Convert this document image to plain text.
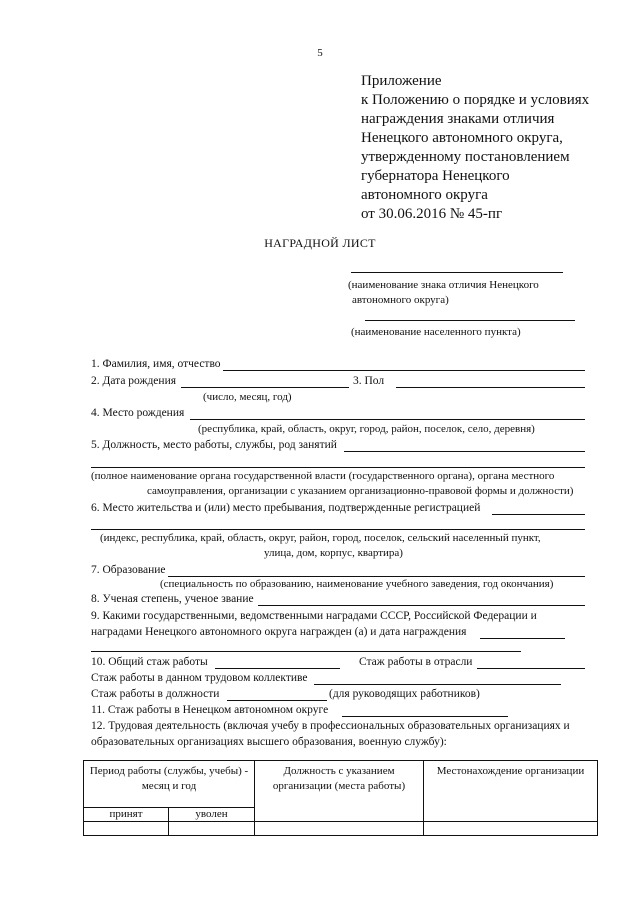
5
Приложение
к Положению о порядке и условиях
награждения знаками отличия
Ненецкого автономного округа,
утвержденному постановлением
губернатора Ненецкого
автономного округа
от 30.06.2016 № 45-пг
НАГРАДНОЙ ЛИСТ
(наименование знака отличия Ненецкого
автономного округа)
(наименование населенного пункта)
1. Фамилия, имя, отчество
2. Дата рождения	3. Пол
(число, месяц, год)
4. Место рождения
(республика, край, область, округ, город, район, поселок, село, деревня)
5. Должность, место работы, службы, род занятий
(полное наименование органа государственной власти (государственного органа), органа местного
самоуправления, организации с указанием организационно-правовой формы и должности)
6. Место жительства и (или) место пребывания, подтвержденные регистрацией
(индекс, республика, край, область, округ, район, город, поселок, сельский населенный пункт,
улица, дом, корпус, квартира)
7. Образование
(специальность по образованию, наименование учебного заведения, год окончания)
8. Ученая степень, ученое звание
9. Какими государственными, ведомственными наградами СССР, Российской Федерации и
наградами Ненецкого автономного округа награжден (а) и дата награждения
10. Общий стаж работы	Стаж работы в отрасли
Стаж работы в данном трудовом коллективе
Стаж работы в должности	(для руководящих работников)
11. Стаж работы в Ненецком автономном округе
12. Трудовая деятельность (включая учебу в профессиональных образовательных организациях и
образовательных организациях высшего образования, военную службу):
Период работы (службы, учебы) - месяц и год		Должность с указанием организации (места работы)	Местонахождение организации
принят	уволен		
